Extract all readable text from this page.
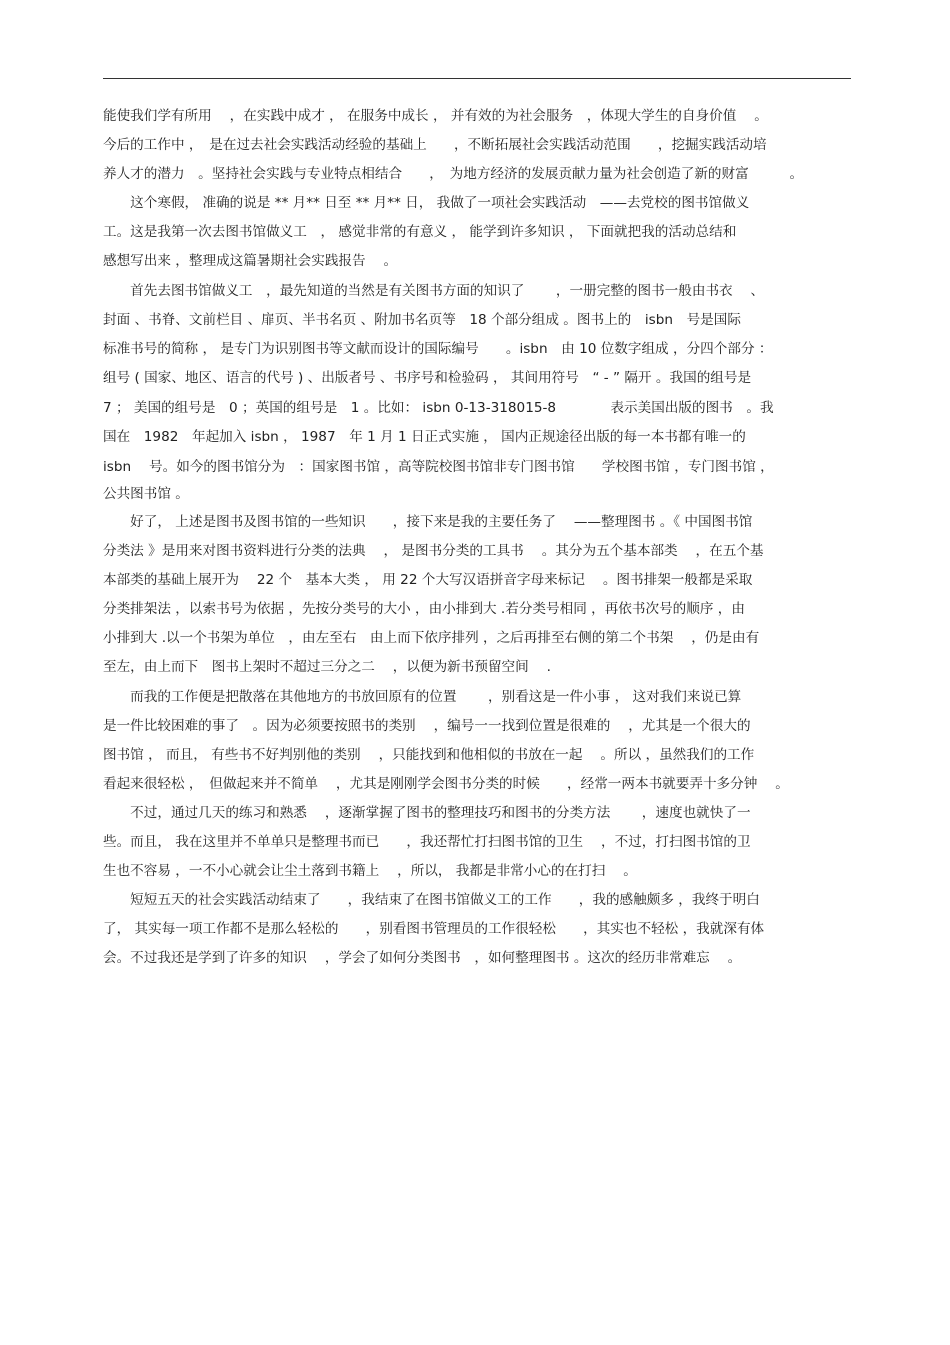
能使我们学有所用　 ，在实践中成才 ， 在服务中成长 ， 并有效的为社会服务　，体现大学生的自身价值　 。
今后的工作中 ，　是在过去社会实践活动经验的基础上　　，不断拓展社会实践活动范围　　，挖掘实践活动培
养人才的潜力　。坚持社会实践与专业特点相结合　　，　为地方经济的发展贡献力量为社会创造了新的财富　　　。
　　这个寒假， 准确的说是 ** 月** 日至 ** 月** 日， 我做了一项社会实践活动　——去党校的图书馆做义
工。这是我第一次去图书馆做义工　， 感觉非常的有意义 ， 能学到许多知识 ， 下面就把我的活动总结和
感想写出来 ，整理成这篇暑期社会实践报告　 。
　　首先去图书馆做义工　，最先知道的当然是有关图书方面的知识了　　 ，一册完整的图书一般由书衣　 、
封面 、书脊、文前栏目 、扉页、半书名页 、附加书名页等　18 个部分组成 。图书上的　isbn　号是国际
标准书号的简称 ， 是专门为识别图书等文献而设计的国际编号　　。isbn　由 10 位数字组成 ，分四个部分 ：
组号 ( 国家、地区、语言的代号 ) 、出版者号 、书序号和检验码 ， 其间用符号　“ - ” 隔开 。我国的组号是
7 ； 美国的组号是　0 ；英国的组号是　1 。比如： isbn 0-13-318015-8　　　　表示美国出版的图书　。我
国在　1982　年起加入 isbn ， 1987　年 1 月 1 日正式实施 ， 国内正规途径出版的每一本书都有唯一的
isbn　 号。如今的图书馆分为　：国家图书馆 ，高等院校图书馆非专门图书馆　　学校图书馆 ，专门图书馆 ，
公共图书馆 。
　　好了， 上述是图书及图书馆的一些知识　　，接下来是我的主要任务了　 ——整理图书 。《 中国图书馆
分类法 》是用来对图书资料进行分类的法典　 ， 是图书分类的工具书　 。其分为五个基本部类　 ，在五个基
本部类的基础上展开为　 22 个　基本大类 ， 用 22 个大写汉语拼音字母来标记　 。图书排架一般都是采取
分类排架法 ，以索书号为依据 ，先按分类号的大小 ，由小排到大 .若分类号相同 ，再依书次号的顺序 ，由
小排到大 .以一个书架为单位　，由左至右　由上而下依序排列 ，之后再排至右侧的第二个书架　 ，仍是由有
至左，由上而下　图书上架时不超过三分之二　 ，以便为新书预留空间　 .
　　而我的工作便是把散落在其他地方的书放回原有的位置　　 ，别看这是一件小事 ， 这对我们来说已算
是一件比较困难的事了　。因为必须要按照书的类别　 ，编号一一找到位置是很难的　 ，尤其是一个很大的
图书馆 ， 而且， 有些书不好判别他的类别　 ，只能找到和他相似的书放在一起　 。所以 ，虽然我们的工作
看起来很轻松 ，　但做起来并不简单　 ，尤其是刚刚学会图书分类的时候　　，经常一两本书就要弄十多分钟　 。
　　不过，通过几天的练习和熟悉　 ，逐渐掌握了图书的整理技巧和图书的分类方法　　 ，速度也就快了一
些。而且， 我在这里并不单单只是整理书而已　　，我还帮忙打扫图书馆的卫生　 ，不过，打扫图书馆的卫
生也不容易 ，一不小心就会让尘土落到书籍上　 ，所以， 我都是非常小心的在打扫　 。
　　短短五天的社会实践活动结束了　　，我结束了在图书馆做义工的工作　　，我的感触颇多 ，我终于明白
了， 其实每一项工作都不是那么轻松的　　，别看图书管理员的工作很轻松　　，其实也不轻松 ，我就深有体
会。不过我还是学到了许多的知识　 ，学会了如何分类图书　，如何整理图书 。这次的经历非常难忘　 。
